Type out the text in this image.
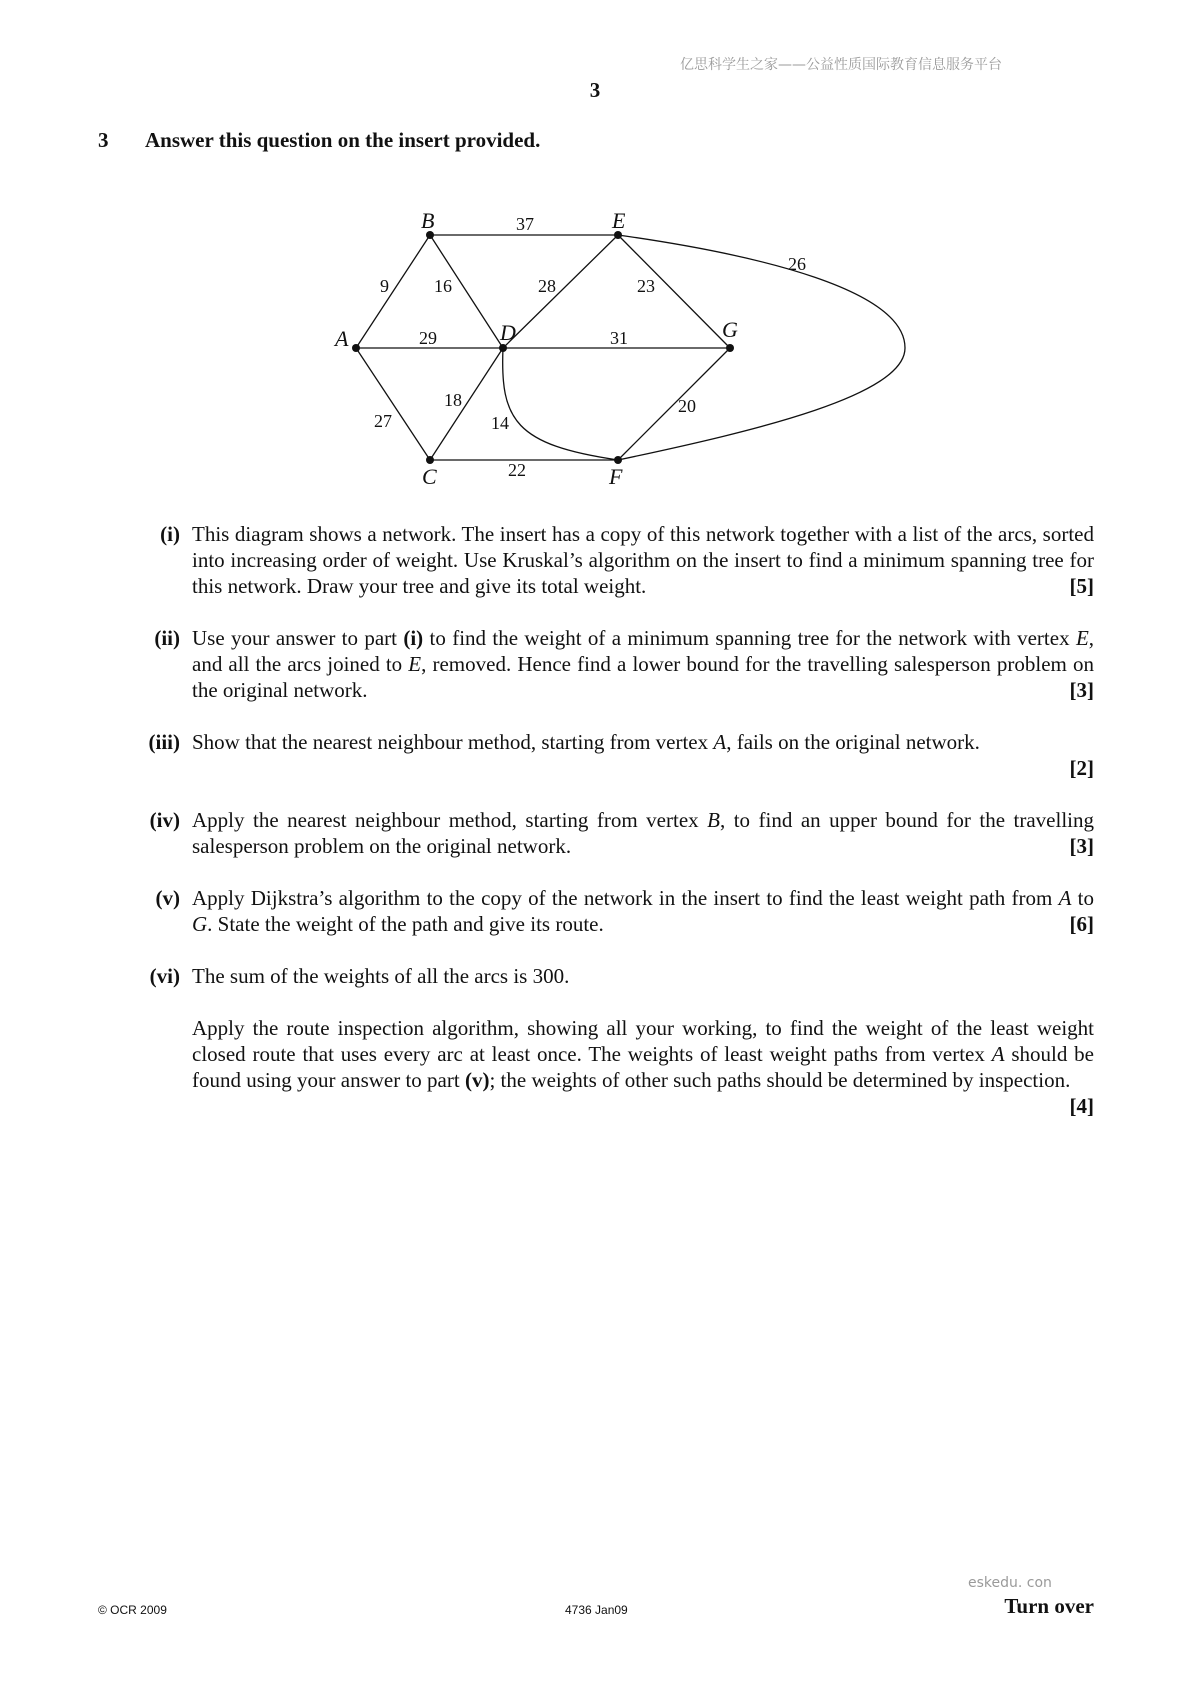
亿思科学生之家——公益性质国际教育信息服务平台
3
3 Answer this question on the insert provided.
A
B
C
D
E
F
G
9	16
37
28	23
26
29	31
27
18
14
20
22
(i) This diagram shows a network. The insert has a copy of this network together with a list of the arcs, sorted into increasing order of weight. Use Kruskal’s algorithm on the insert to find a minimum spanning tree for this network. Draw your tree and give its total weight.	[5]

(ii) Use your answer to part (i) to find the weight of a minimum spanning tree for the network with vertex E, and all the arcs joined to E, removed. Hence find a lower bound for the travelling salesperson problem on the original network.	[3]

(iii) Show that the nearest neighbour method, starting from vertex A, fails on the original network.

[2]
(iv) Apply the nearest neighbour method, starting from vertex B, to find an upper bound for the travelling salesperson problem on the original network.	[3]

(v) Apply Dijkstra’s algorithm to the copy of the network in the insert to find the least weight path from A to G. State the weight of the path and give its route.	[6]

(vi) The sum of the weights of all the arcs is 300.

Apply the route inspection algorithm, showing all your working, to find the weight of the least weight closed route that uses every arc at least once. The weights of least weight paths from vertex A should be found using your answer to part (v); the weights of other such paths should be determined by inspection.
[4]

eskedu. con
© OCR 2009	4736 Jan09	Turn over
